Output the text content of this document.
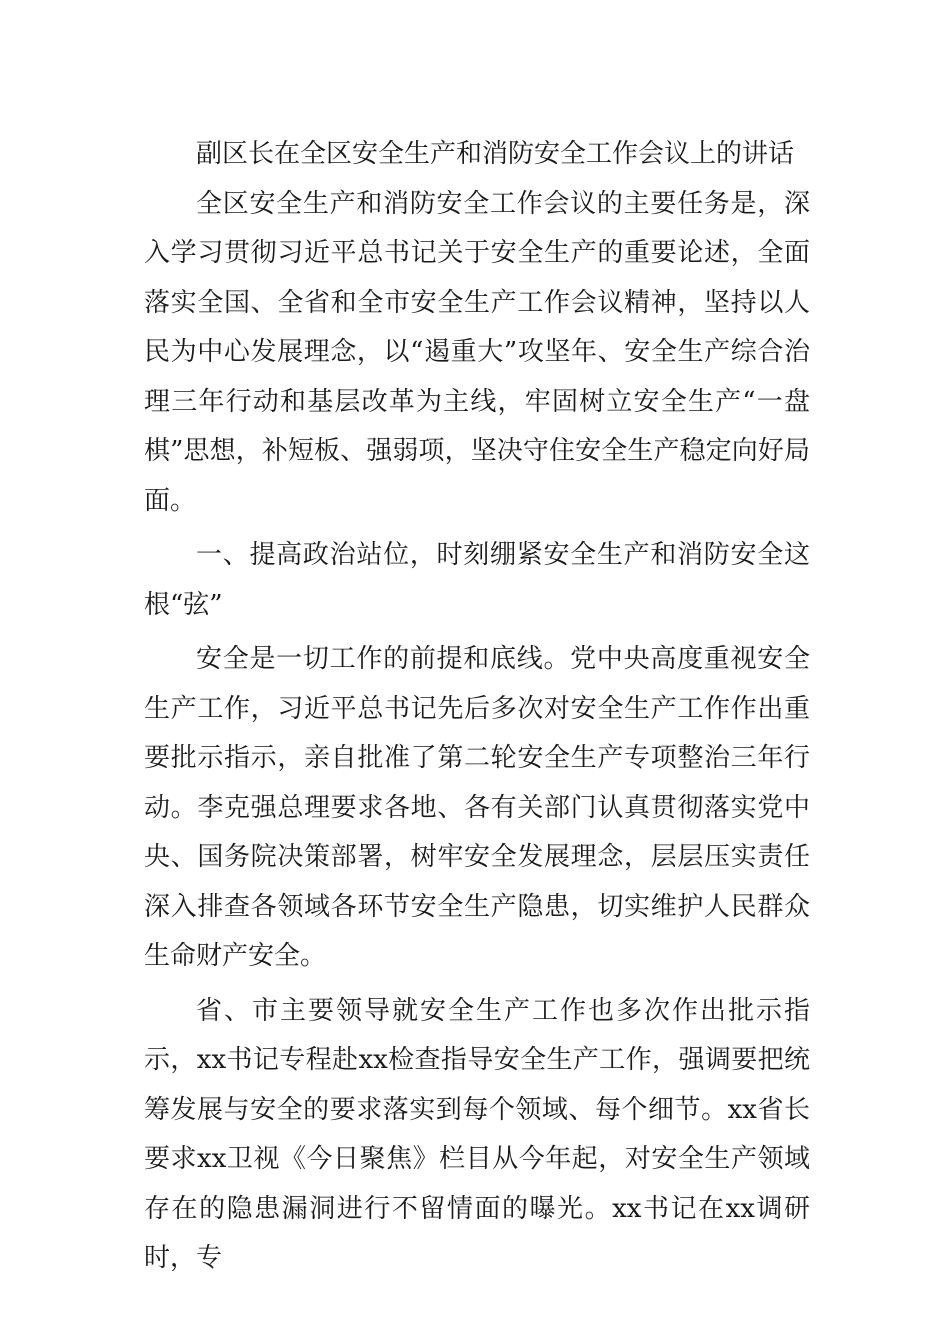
副区长在全区安全生产和消防安全工作会议上的讲话

全区安全生产和消防安全工作会议的主要任务是，深入学习贯彻习近平总书记关于安全生产的重要论述，全面落实全国、全省和全市安全生产工作会议精神，坚持以人民为中心发展理念，以“遏重大”攻坚年、安全生产综合治理三年行动和基层改革为主线，牢固树立安全生产“一盘棋”思想，补短板、强弱项，坚决守住安全生产稳定向好局面。

一、提高政治站位，时刻绷紧安全生产和消防安全这根“弦”

安全是一切工作的前提和底线。党中央高度重视安全生产工作，习近平总书记先后多次对安全生产工作作出重要批示指示，亲自批准了第二轮安全生产专项整治三年行动。李克强总理要求各地、各有关部门认真贯彻落实党中央、国务院决策部署，树牢安全发展理念，层层压实责任深入排查各领域各环节安全生产隐患，切实维护人民群众生命财产安全。

省、市主要领导就安全生产工作也多次作出批示指示，xx书记专程赴xx检查指导安全生产工作，强调要把统筹发展与安全的要求落实到每个领域、每个细节。xx省长要求xx卫视《今日聚焦》栏目从今年起，对安全生产领域存在的隐患漏洞进行不留情面的曝光。xx书记在xx调研时，专
